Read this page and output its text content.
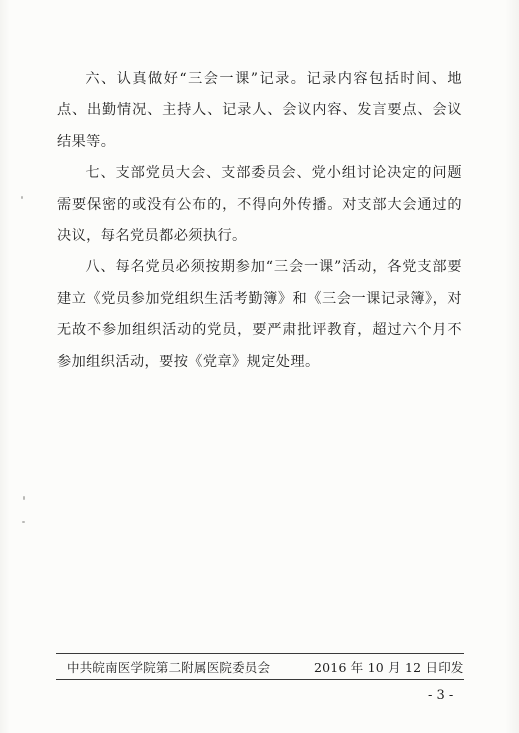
六、认真做好“三会一课”记录。记录内容包括时间、地点、出勤情况、主持人、记录人、会议内容、发言要点、会议结果等。

七、支部党员大会、支部委员会、党小组讨论决定的问题需要保密的或没有公布的，不得向外传播。对支部大会通过的决议，每名党员都必须执行。

八、每名党员必须按期参加“三会一课”活动，各党支部要建立《党员参加党组织生活考勤簿》和《三会一课记录簿》，对无故不参加组织活动的党员，要严肃批评教育，超过六个月不参加组织活动，要按《党章》规定处理。

中共皖南医学院第二附属医院委员会	2016 年 10 月 12 日印发
- 3 -
